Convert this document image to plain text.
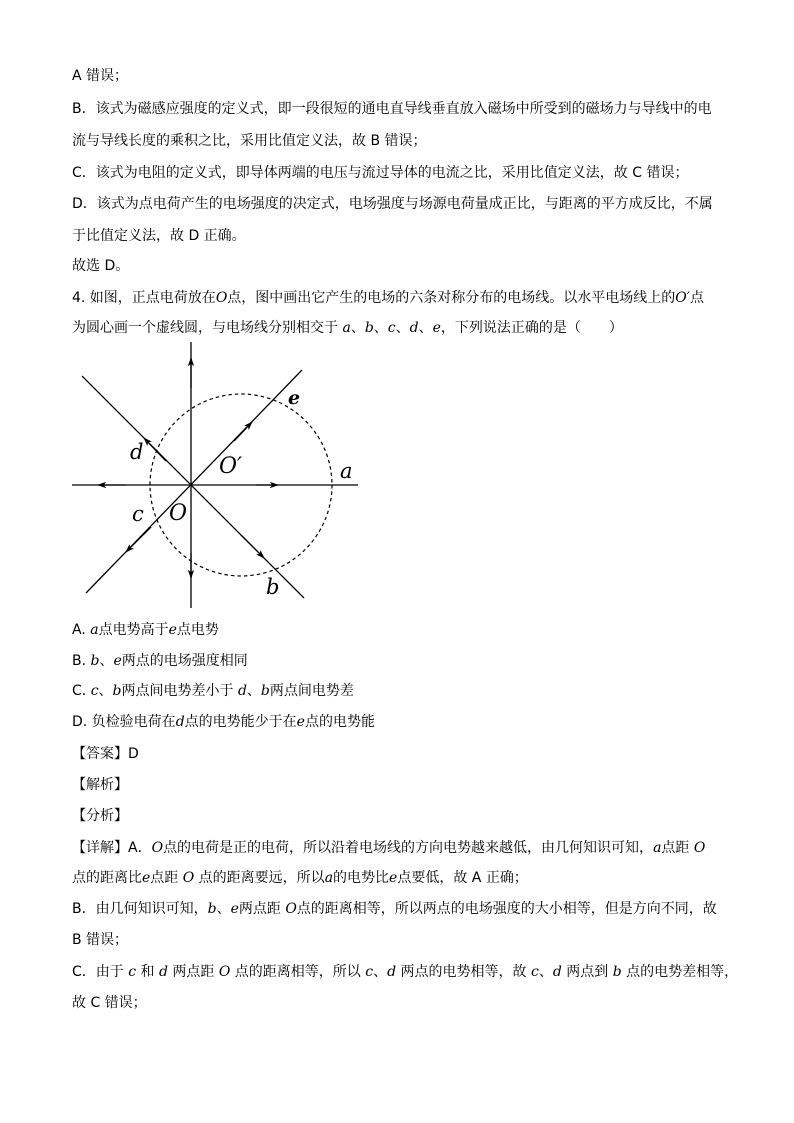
A 错误；
B．该式为磁感应强度的定义式，即一段很短的通电直导线垂直放入磁场中所受到的磁场力与导线中的电
流与导线长度的乘积之比，采用比值定义法，故 B 错误；
C．该式为电阻的定义式，即导体两端的电压与流过导体的电流之比，采用比值定义法，故 C 错误；
D．该式为点电荷产生的电场强度的决定式，电场强度与场源电荷量成正比，与距离的平方成反比，不属
于比值定义法，故 D 正确。
故选 D。
4. 如图，正点电荷放在O点，图中画出它产生的电场的六条对称分布的电场线。以水平电场线上的O′点
为圆心画一个虚线圆，与电场线分别相交于 a、b、c、d、e，下列说法正确的是（　　）
A. a点电势高于e点电势
B. b、e两点的电场强度相同
C. c、b两点间电势差小于 d、b两点间电势差
D. 负检验电荷在d点的电势能少于在e点的电势能
【答案】D
【解析】
【分析】
【详解】A．O点的电荷是正的电荷，所以沿着电场线的方向电势越来越低，由几何知识可知，a点距 O
点的距离比e点距 O 点的距离要远，所以a的电势比e点要低，故 A 正确；
B．由几何知识可知，b、e两点距 O点的距离相等，所以两点的电场强度的大小相等，但是方向不同，故
B 错误；
C．由于 c 和 d 两点距 O 点的距离相等，所以 c、d 两点的电势相等，故 c、d 两点到 b 点的电势差相等，
故 C 错误；
e
d
O′	a
c O
b
